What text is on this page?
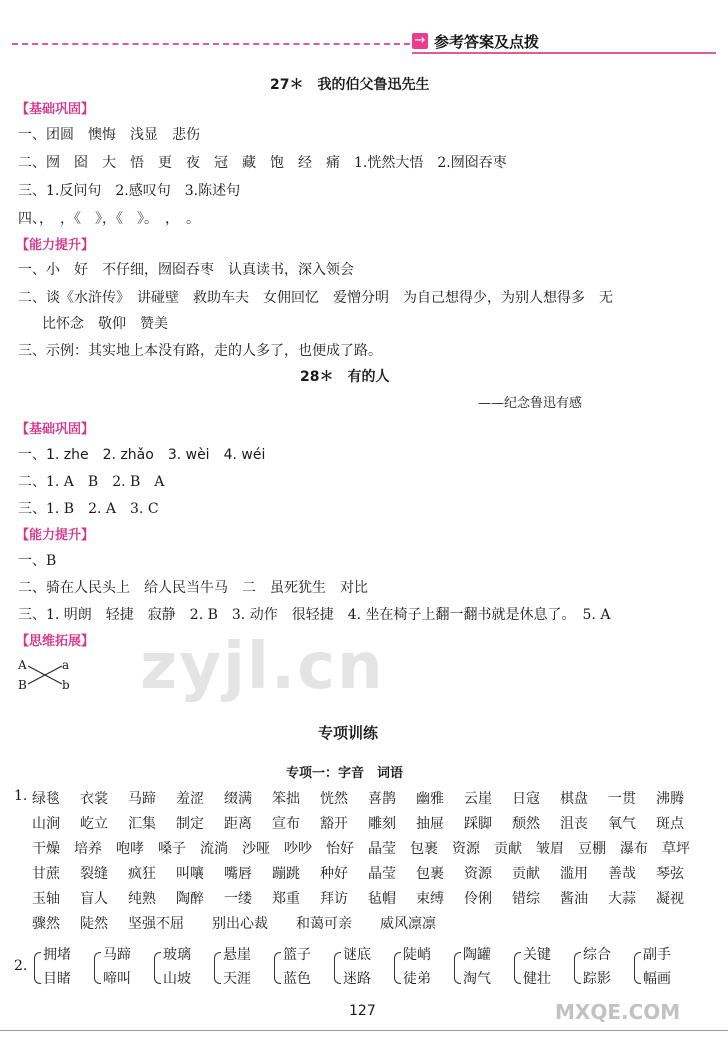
→ 参考答案及点拨
27＊　我的伯父鲁迅先生
【基础巩固】
一、团圆　懊悔　浅显　悲伤
二、囫　囵　大　悟　更　夜　冠　藏　饱　经　痛　1.恍然大悟　2.囫囵吞枣
三、1.反问句　2.感叹句　3.陈述句
四、，　，《　》，《　》。　，　。
【能力提升】
一、小　好　不仔细，囫囵吞枣　认真读书，深入领会
二、谈《水浒传》　讲碰壁　救助车夫　女佣回忆　爱憎分明　为自己想得少，为别人想得多　无
比怀念　敬仰　赞美
三、示例：其实地上本没有路，走的人多了，也便成了路。
28＊　有的人
——纪念鲁迅有感
【基础巩固】
一、1. zhe　2. zhǎo　3. wèi　4. wéi
二、1. A　B　2. B　A
三、1. B　2. A　3. C
【能力提升】
一、B
二、骑在人民头上　给人民当牛马　二　虽死犹生　对比
三、1. 明朗　轻捷　寂静　2. B　3. 动作　很轻捷　4. 坐在椅子上翻一翻书就是休息了。　5. A
【思维拓展】
A
B
a
b zyjl.cn
专项训练
专项一：字音　词语
1. 绿毯 衣裳 马蹄 羞涩 缀满 笨拙 恍然 喜鹊 幽雅 云崖 日寇 棋盘 一贯 沸腾
山涧 屹立 汇集 制定 距离 宣布 豁开 雕刻 抽屉 踩脚 颓然 沮丧 氧气 斑点
干燥 培养 咆哮 嗓子 流淌 沙哑 吵吵 怡好 晶莹 包裹 资源 贡献 皱眉 豆棚 瀑布 草坪
甘蔗 裂缝 疯狂 叫嚷 嘴唇 蹦跳 种好 晶莹 包裹 资源 贡献 滥用 善哉 琴弦
玉轴 盲人 纯熟 陶醉 一缕 郑重 拜访 毡帽 束缚 伶俐 错综 酱油 大蒜 凝视
骤然 陡然 坚强不屈 别出心裁 和蔼可亲 威风凛凛
2.
拥堵
目睹
马蹄
啼叫
玻璃
山坡
悬崖
天涯
篮子
蓝色
谜底
迷路
陡峭
徒弟
陶罐
淘气
关键
健壮
综合
踪影
副手
幅画
127	MXQE.COM
